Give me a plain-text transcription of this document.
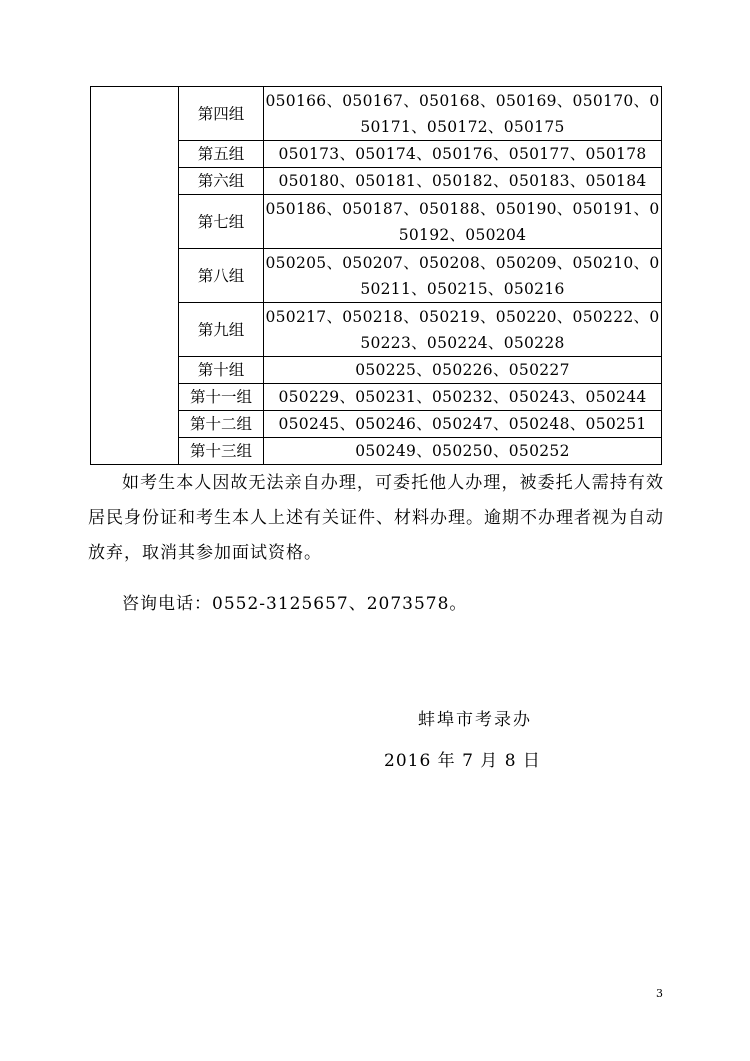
	第四组	050166、050167、050168、050169、050170、050171、050172、050175
	第五组	050173、050174、050176、050177、050178
	第六组	050180、050181、050182、050183、050184
	第七组	050186、050187、050188、050190、050191、050192、050204
	第八组	050205、050207、050208、050209、050210、050211、050215、050216
	第九组	050217、050218、050219、050220、050222、050223、050224、050228
	第十组	050225、050226、050227
	第十一组	050229、050231、050232、050243、050244
	第十二组	050245、050246、050247、050248、050251
	第十三组	050249、050250、050252
如考生本人因故无法亲自办理，可委托他人办理，被委托人需持有效居民身份证和考生本人上述有关证件、材料办理。逾期不办理者视为自动放弃，取消其参加面试资格。
咨询电话：0552-3125657、2073578。
蚌埠市考录办
2016 年 7 月 8 日
3
